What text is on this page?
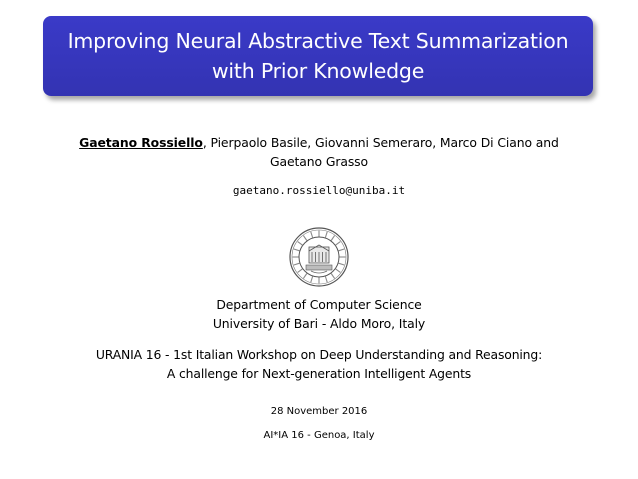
Improving Neural Abstractive Text Summarization
with Prior Knowledge
Gaetano Rossiello, Pierpaolo Basile, Giovanni Semeraro, Marco Di Ciano and
Gaetano Grasso
gaetano.rossiello@uniba.it
Department of Computer Science
University of Bari - Aldo Moro, Italy
URANIA 16 - 1st Italian Workshop on Deep Understanding and Reasoning:
A challenge for Next-generation Intelligent Agents
28 November 2016
AI*IA 16 - Genoa, Italy
